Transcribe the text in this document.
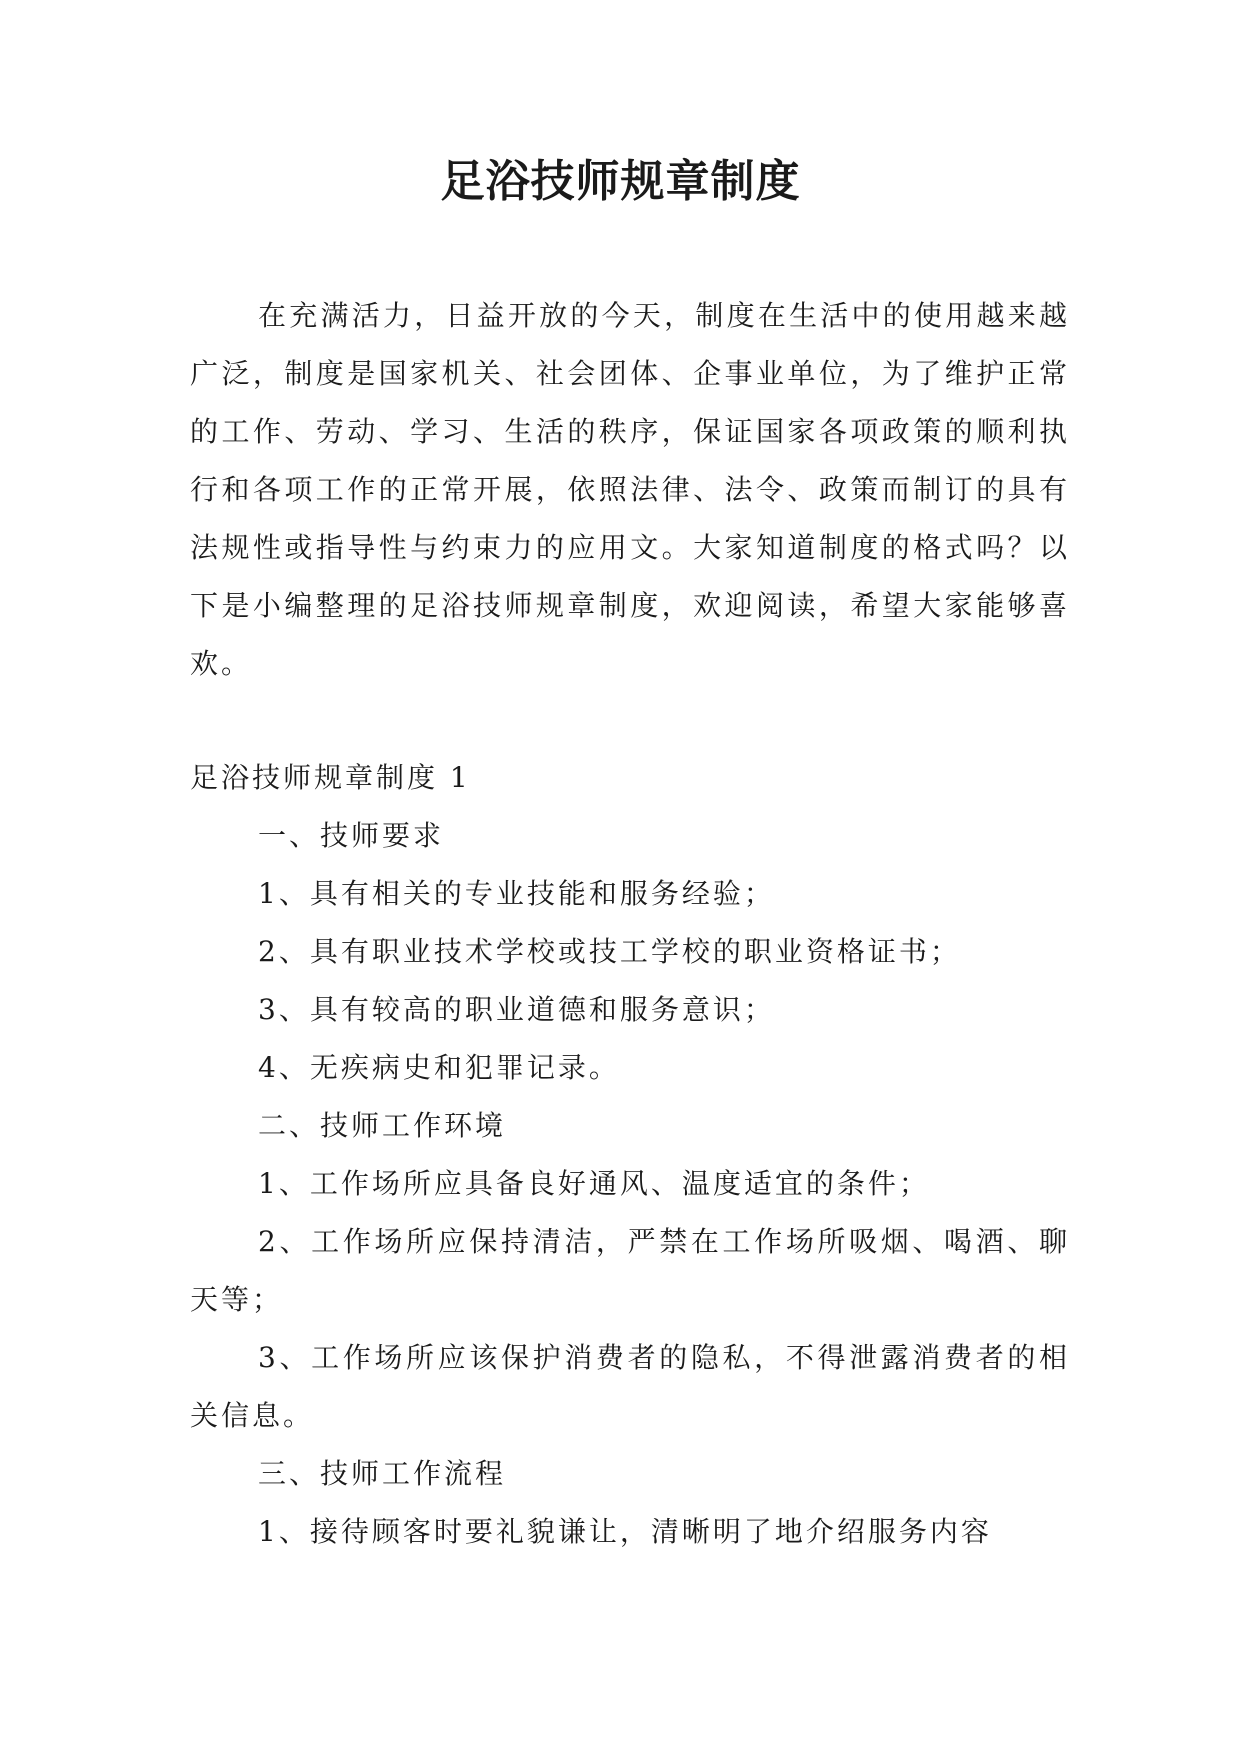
足浴技师规章制度
在充满活力，日益开放的今天，制度在生活中的使用越来越广泛，制度是国家机关、社会团体、企事业单位，为了维护正常的工作、劳动、学习、生活的秩序，保证国家各项政策的顺利执行和各项工作的正常开展，依照法律、法令、政策而制订的具有法规性或指导性与约束力的应用文。大家知道制度的格式吗？以下是小编整理的足浴技师规章制度，欢迎阅读，希望大家能够喜欢。

足浴技师规章制度 1

一、技师要求

1、具有相关的专业技能和服务经验；

2、具有职业技术学校或技工学校的职业资格证书；

3、具有较高的职业道德和服务意识；

4、无疾病史和犯罪记录。

二、技师工作环境

1、工作场所应具备良好通风、温度适宜的条件；

2、工作场所应保持清洁，严禁在工作场所吸烟、喝酒、聊天等；

3、工作场所应该保护消费者的隐私，不得泄露消费者的相关信息。

三、技师工作流程

1、接待顾客时要礼貌谦让，清晰明了地介绍服务内容
